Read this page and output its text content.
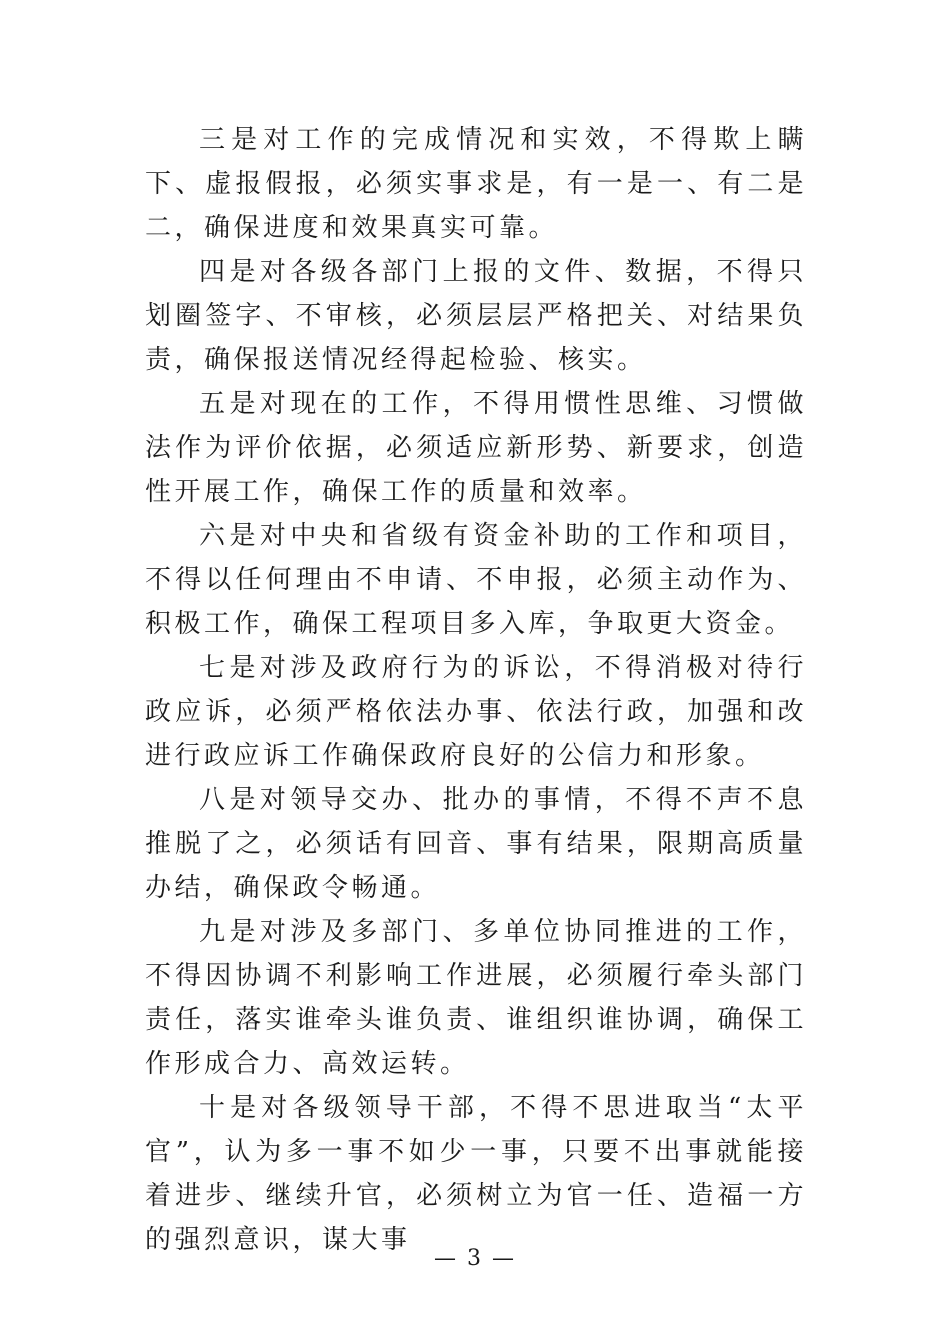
三是对工作的完成情况和实效，不得欺上瞒下、虚报假报，必须实事求是，有一是一、有二是二，确保进度和效果真实可靠。

四是对各级各部门上报的文件、数据，不得只划圈签字、不审核，必须层层严格把关、对结果负责，确保报送情况经得起检验、核实。

五是对现在的工作，不得用惯性思维、习惯做法作为评价依据，必须适应新形势、新要求，创造性开展工作，确保工作的质量和效率。

六是对中央和省级有资金补助的工作和项目，不得以任何理由不申请、不申报，必须主动作为、积极工作，确保工程项目多入库，争取更大资金。

七是对涉及政府行为的诉讼，不得消极对待行政应诉，必须严格依法办事、依法行政，加强和改进行政应诉工作确保政府良好的公信力和形象。

八是对领导交办、批办的事情，不得不声不息推脱了之，必须话有回音、事有结果，限期高质量办结，确保政令畅通。

九是对涉及多部门、多单位协同推进的工作，不得因协调不利影响工作进展，必须履行牵头部门责任，落实谁牵头谁负责、谁组织谁协调，确保工作形成合力、高效运转。

十是对各级领导干部，不得不思进取当“太平官”，认为多一事不如少一事，只要不出事就能接着进步、继续升官，必须树立为官一任、造福一方的强烈意识，谋大事

— 3 —
